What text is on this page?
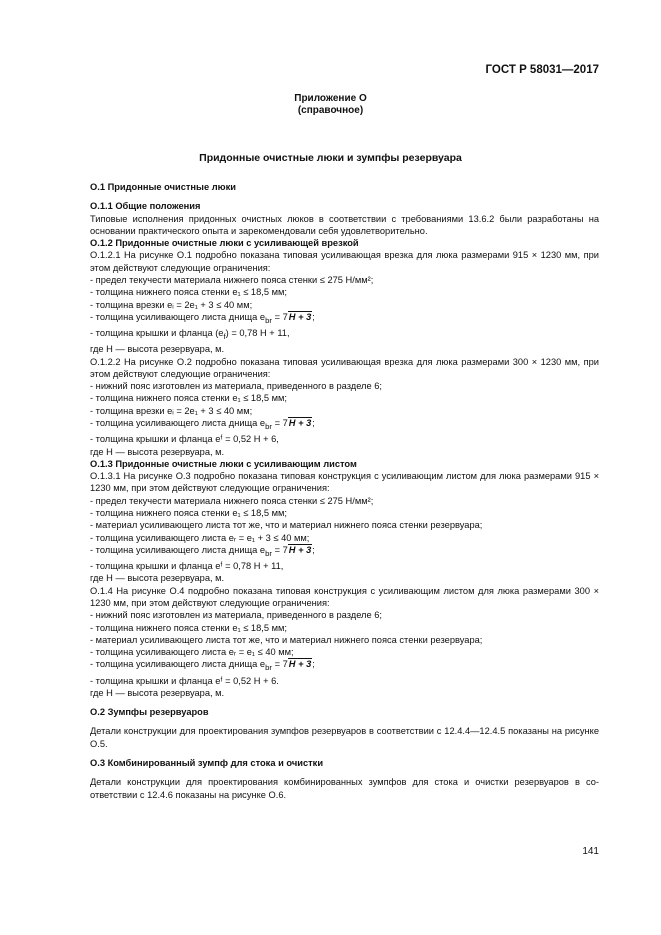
ГОСТ Р 58031—2017
Приложение О
(справочное)
Придонные очистные люки и зумпфы резервуара

О.1 Придонные очистные люки

О.1.1 Общие положения

Типовые исполнения придонных очистных люков в соответствии с требованиями 13.6.2 были разработаны на основании практического опыта и зарекомендовали себя удовлетворительно.

О.1.2 Придонные очистные люки с усиливающей врезкой

О.1.2.1 На рисунке О.1 подробно показана типовая усиливающая врезка для люка размерами 915 × 1230 мм, при этом действуют следующие ограничения:

- предел текучести материала нижнего пояса стенки ≤ 275 Н/мм²;

- толщина нижнего пояса стенки e₁ ≤ 18,5 мм;

- толщина врезки eᵢ = 2e₁ + 3 ≤ 40 мм;

- толщина усиливающего листа днища $e_{br} = 7H + 3$;

- толщина крышки и фланца $(e_f) = 0,78$ H + 11,

где H — высота резервуара, м.

О.1.2.2 На рисунке О.2 подробно показана типовая усиливающая врезка для люка размерами 300 × 1230 мм, при этом действуют следующие ограничения:

- нижний пояс изготовлен из материала, приведенного в разделе 6;

- толщина нижнего пояса стенки e₁ ≤ 18,5 мм;

- толщина врезки eᵢ = 2e₁ + 3 ≤ 40 мм;

- толщина усиливающего листа днища $e_{br} = 7H + 3$;

- толщина крышки и фланца eᶠ = 0,52 H + 6,

где H — высота резервуара, м.

О.1.3 Придонные очистные люки с усиливающим листом

О.1.3.1 На рисунке О.3 подробно показана типовая конструкция с усиливающим листом для люка размерами 915 × 1230 мм, при этом действуют следующие ограничения:

- предел текучести материала нижнего пояса стенки ≤ 275 Н/мм²;

- толщина нижнего пояса стенки e₁ ≤ 18,5 мм;

- материал усиливающего листа тот же, что и материал нижнего пояса стенки резервуара;

- толщина усиливающего листа eᵣ = e₁ + 3 ≤ 40 мм;

- толщина усиливающего листа днища $e_{br} = 7H + 3$;

- толщина крышки и фланца eᶠ = 0,78 H + 11,

где H — высота резервуара, м.

О.1.4 На рисунке О.4 подробно показана типовая конструкция с усиливающим листом для люка размерами 300 × 1230 мм, при этом действуют следующие ограничения:

- нижний пояс изготовлен из материала, приведенного в разделе 6;

- толщина нижнего пояса стенки e₁ ≤ 18,5 мм;

- материал усиливающего листа тот же, что и материал нижнего пояса стенки резервуара;

- толщина усиливающего листа eᵣ = e₁ ≤ 40 мм;

- толщина усиливающего листа днища $e_{br} = 7H + 3$;

- толщина крышки и фланца eᶠ = 0,52 H + 6.

где H — высота резервуара, м.

О.2 Зумпфы резервуаров

Детали конструкции для проектирования зумпфов резервуаров в соответствии с 12.4.4—12.4.5 показаны на рисунке О.5.

О.3 Комбинированный зумпф для стока и очистки

Детали конструкции для проектирования комбинированных зумпфов для стока и очистки резервуаров в со-ответствии с 12.4.6 показаны на рисунке О.6.

141
